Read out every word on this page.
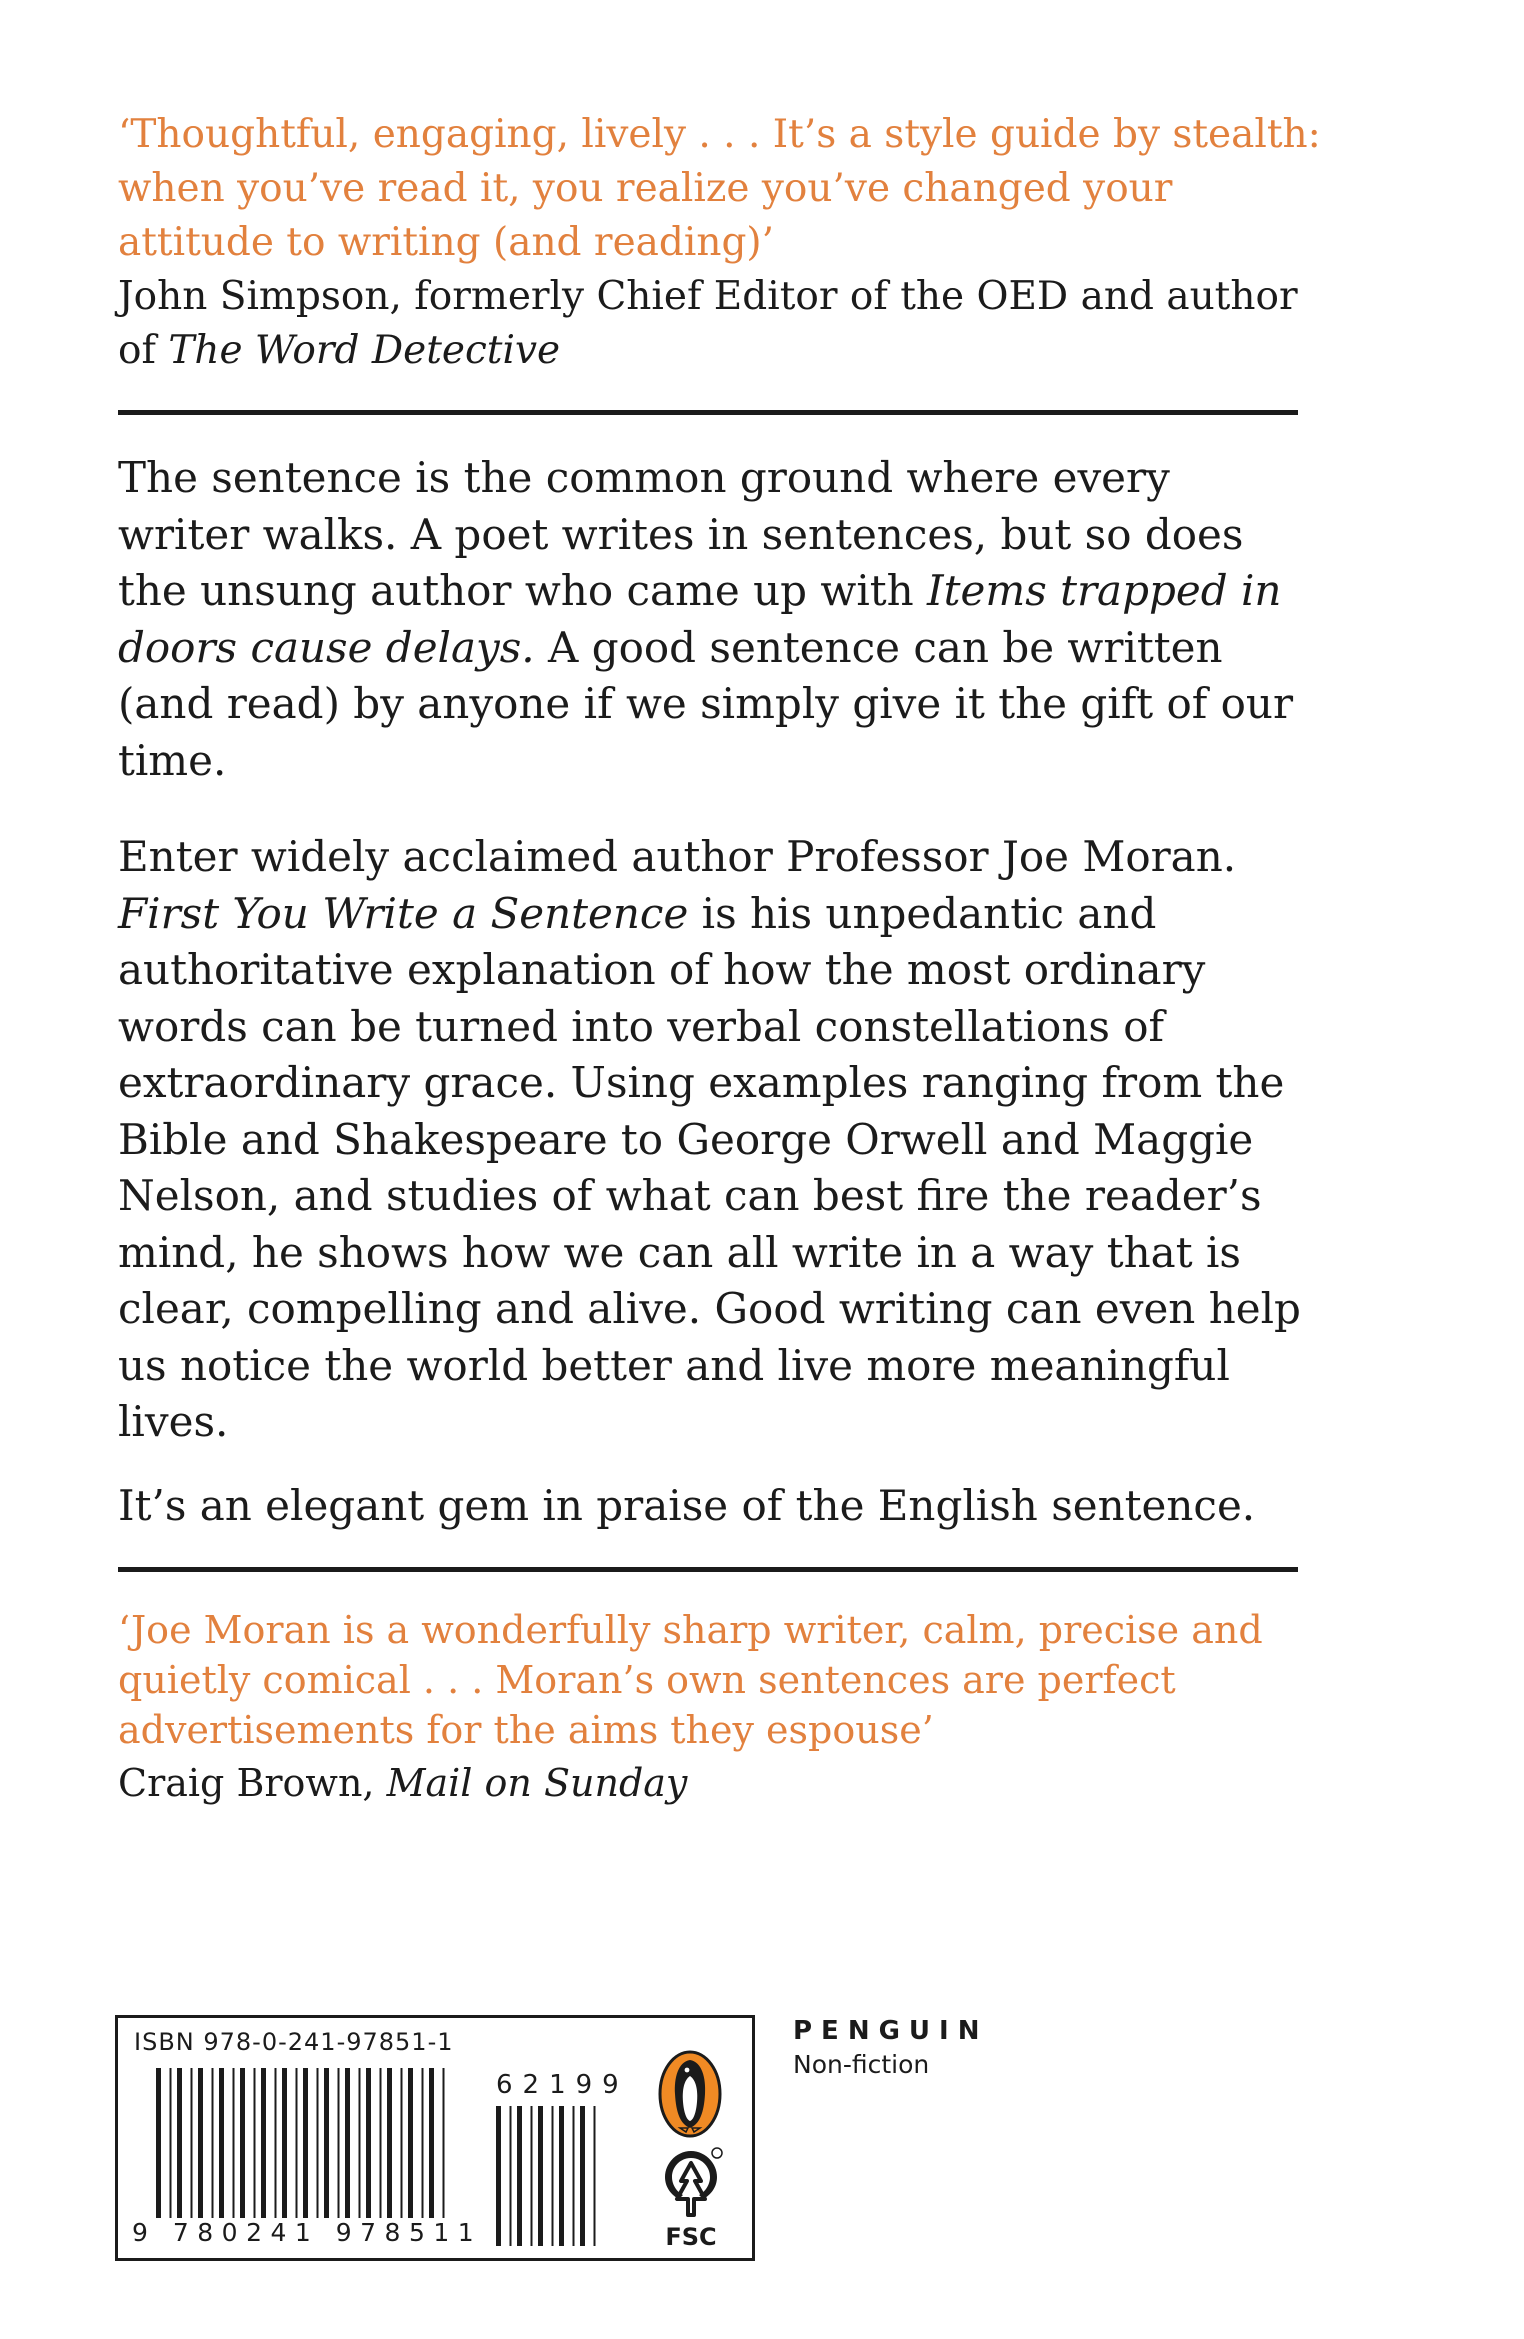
‘Thoughtful, engaging, lively . . . It’s a style guide by stealth: when you’ve read it, you realize you’ve changed your attitude to writing (and reading)’
John Simpson, formerly Chief Editor of the OED and author of The Word Detective

The sentence is the common ground where every writer walks. A poet writes in sentences, but so does the unsung author who came up with Items trapped in doors cause delays. A good sentence can be written (and read) by anyone if we simply give it the gift of our time.

Enter widely acclaimed author Professor Joe Moran. First You Write a Sentence is his unpedantic and authoritative explanation of how the most ordinary words can be turned into verbal constellations of extraordinary grace. Using examples ranging from the Bible and Shakespeare to George Orwell and Maggie Nelson, and studies of what can best fire the reader’s mind, he shows how we can all write in a way that is clear, compelling and alive. Good writing can even help us notice the world better and live more meaningful lives.

It’s an elegant gem in praise of the English sentence.

‘Joe Moran is a wonderfully sharp writer, calm, precise and quietly comical . . . Moran’s own sentences are perfect advertisements for the aims they espouse’
Craig Brown, Mail on Sunday
ISBN 978-0-241-97851-1
62199
9 780241 978511	FSC
PENGUIN
Non-fiction
